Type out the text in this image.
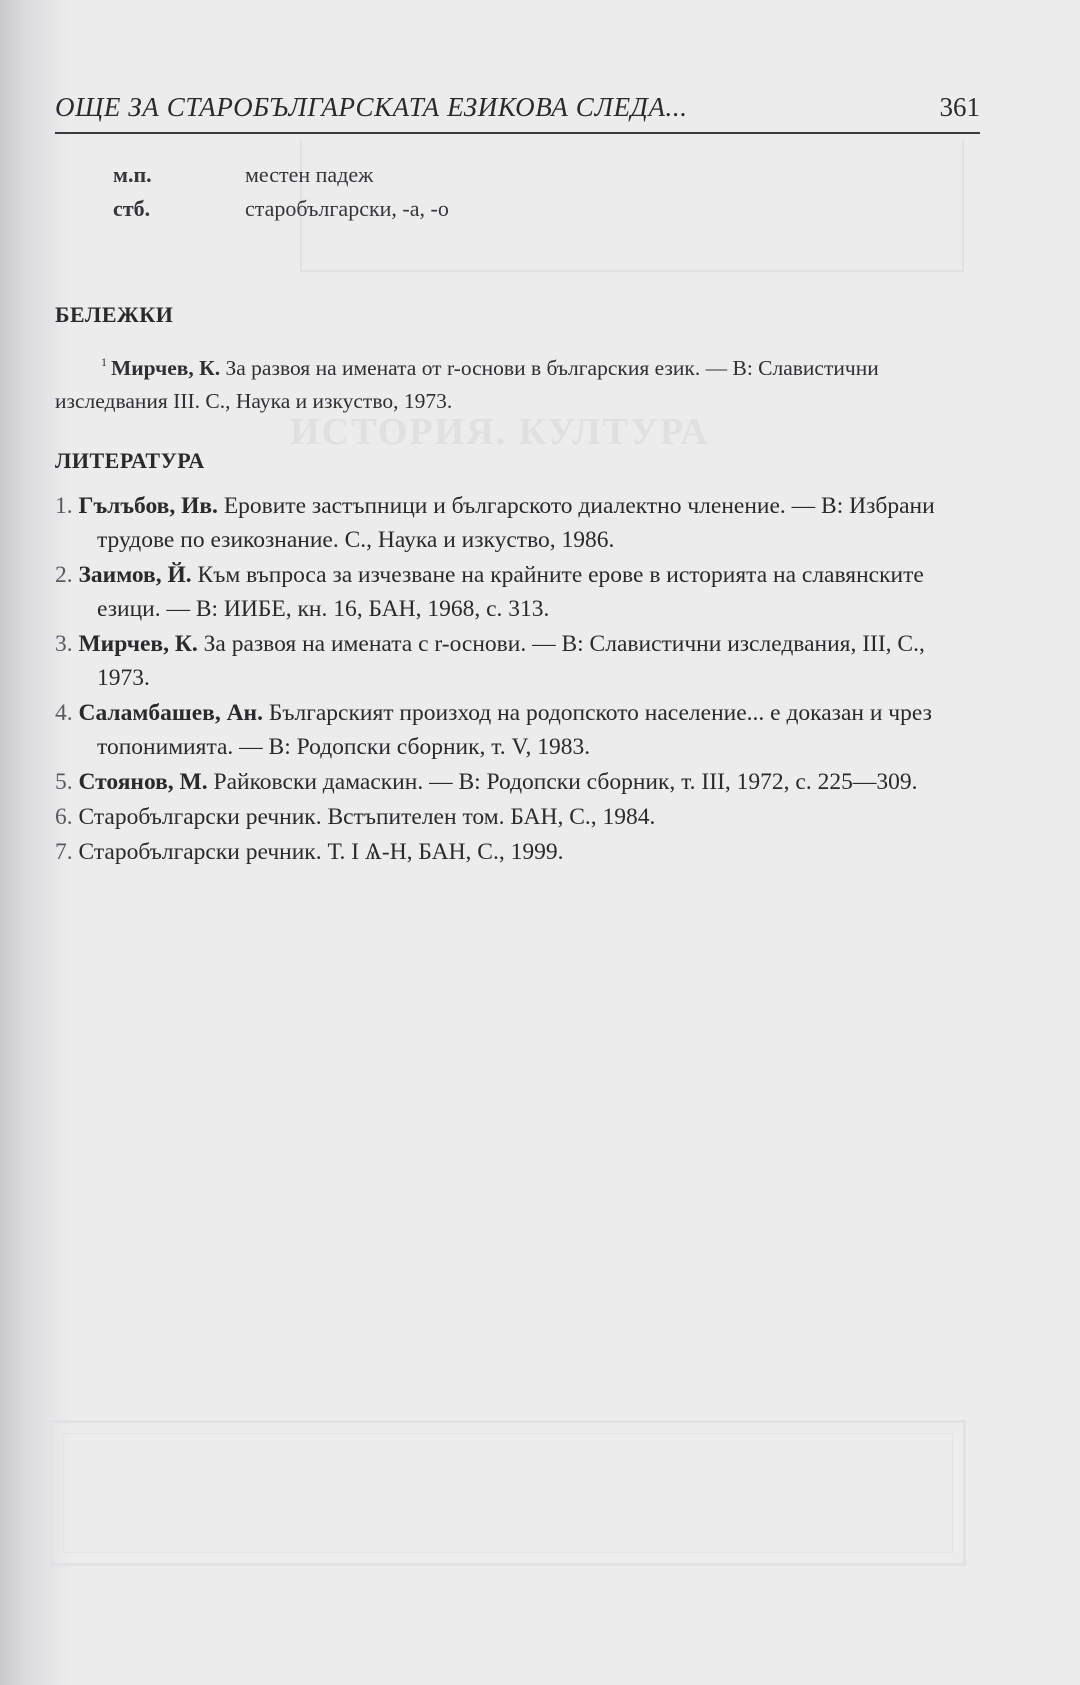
ИСТОРИЯ. КУЛТУРА
ОЩЕ ЗА СТАРОБЪЛГАРСКАТА ЕЗИКОВА СЛЕДА...	361
м.п.	местен падеж
стб.	старобългарски, -а, -о
БЕЛЕЖКИ
$^1$ Мирчев, К. За развоя на имената от r-основи в българския език. — В: Славистични изследвания III. С., Наука и изкуство, 1973.
ЛИТЕРАТУРА
1. Гълъбов, Ив. Еровите застъпници и българското диалектно членение. — В: Избрани трудове по езикознание. С., Наука и изкуство, 1986.
2. Заимов, Й. Към въпроса за изчезване на крайните ерове в историята на славянските езици. — В: ИИБЕ, кн. 16, БАН, 1968, с. 313.
3. Мирчев, К. За развоя на имената с r-основи. — В: Славистични изследвания, III, С., 1973.
4. Саламбашев, Ан. Българският произход на родопското население... е доказан и чрез топонимията. — В: Родопски сборник, т. V, 1983.
5. Стоянов, М. Райковски дамаскин. — В: Родопски сборник, т. III, 1972, с. 225—309.
6. Старобългарски речник. Встъпителен том. БАН, С., 1984.
7. Старобългарски речник. Т. I Ѧ-Н, БАН, С., 1999.
